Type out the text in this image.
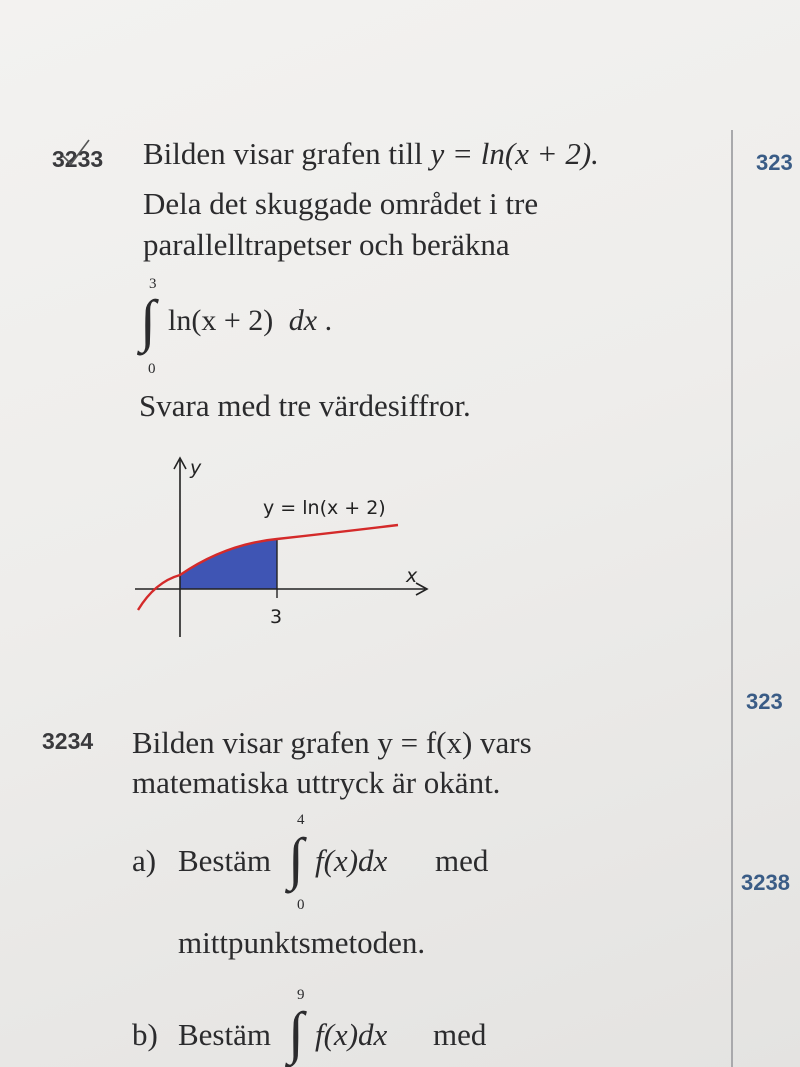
3233 Bilden visar grafen till y = ln(x + 2).
Dela det skuggade området i tre
parallelltrapetser och beräkna
3
∫
0
ln(x + 2) dx .
Svara med tre värdesiffror.
y
x
y = ln(x + 2)
3
3234 Bilden visar grafen y = f(x) vars
matematiska uttryck är okänt.
a) Bestäm
4
∫
0
f(x)dx med
mittpunktsmetoden.
b) Bestäm
9
∫ f(x)dx med
323
323
3238
